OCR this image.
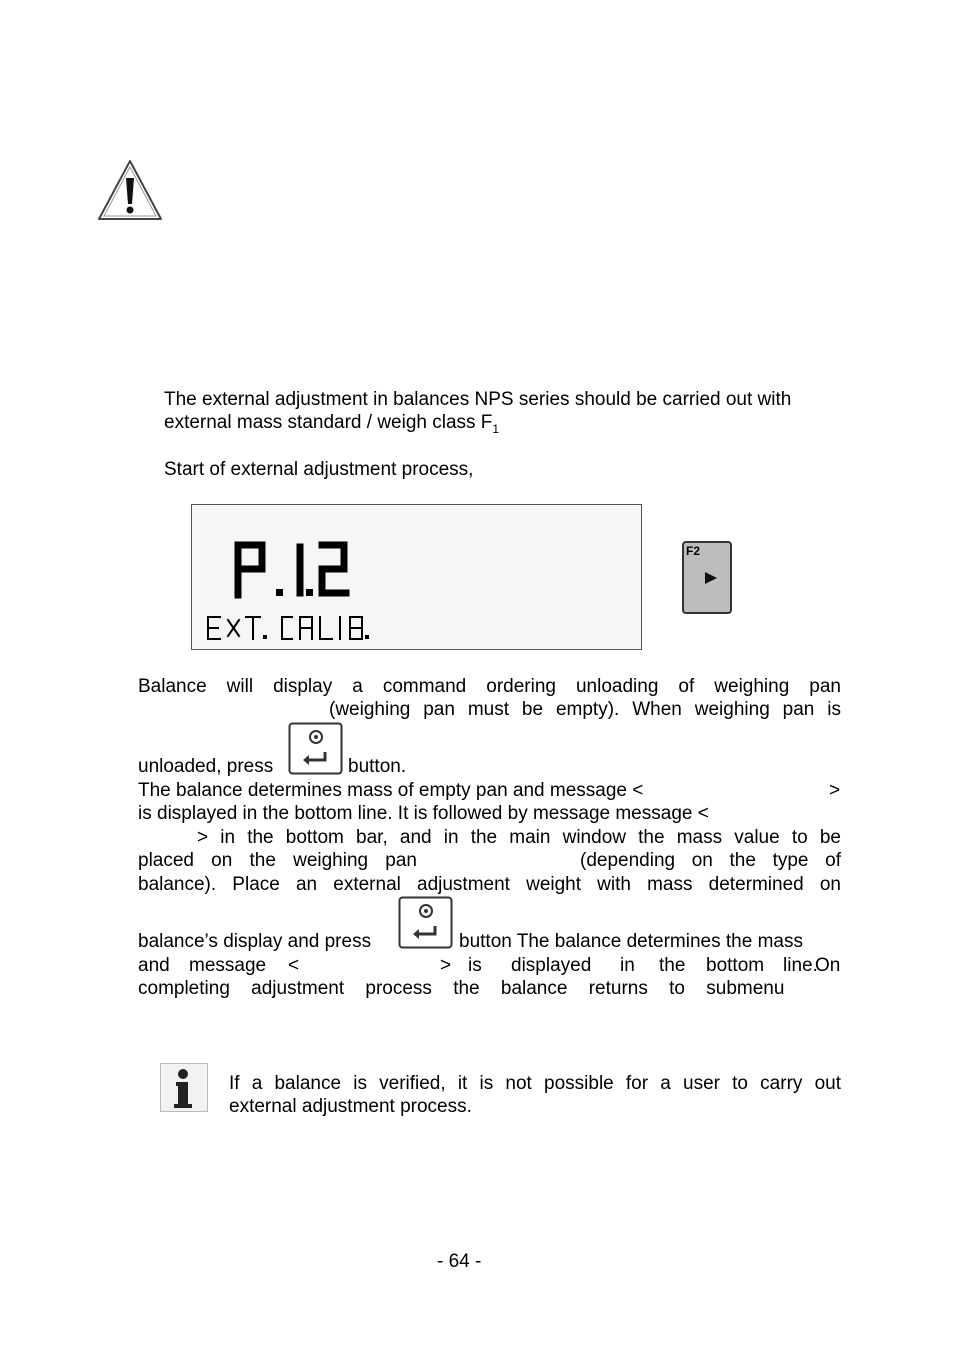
The external adjustment in balances NPS series should be carried out with
external mass standard / weigh class $F_1$
Start of external adjustment process,
F2
Balance will display a command ordering unloading of weighing pan
(weighing pan must be empty). When weighing pan is
unloaded, press	button.
The balance determines mass of empty pan and message <	>
is displayed in the bottom line. It is followed by message message <
> in the bottom bar, and in the main window the mass value to be
placed on the weighing pan	(depending on the type of
balance). Place an external adjustment weight with mass determined on
balance’s display and press	button The balance determines the mass
and message <	> is displayed in the bottom line.
On
completing adjustment process the balance returns to submenu
If a balance is verified, it is not possible for a user to carry out
external adjustment process.
- 64 -
